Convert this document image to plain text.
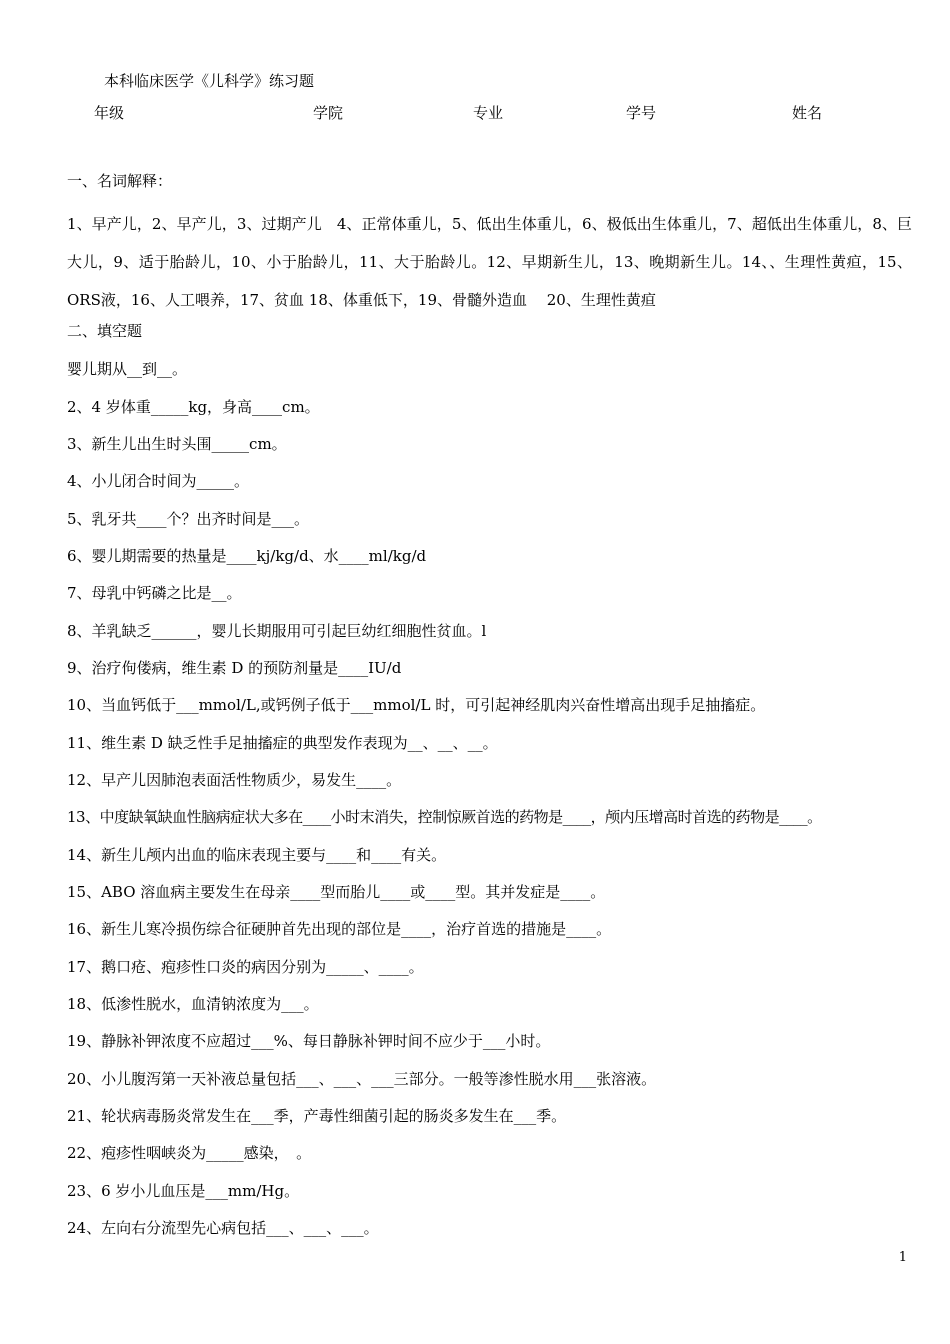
本科临床医学《儿科学》练习题
年级	学院	专业	学号	姓名
一、名词解释：
1、早产儿，2、早产儿，3、过期产儿　4、正常体重儿，5、低出生体重儿，6、极低出生体重儿，7、超低出生体重儿，8、巨大儿，9、适于胎龄儿，10、小于胎龄儿，11、大于胎龄儿。12、早期新生儿，13、晚期新生儿。14、、生理性黄疸，15、ORS液，16、人工喂养，17、贫血 18、体重低下，19、骨髓外造血　 20、生理性黄疸
二、填空题
婴儿期从__到__。
2、4 岁体重_____kg，身高____cm。
3、新生儿出生时头围_____cm。
4、小儿闭合时间为_____。
5、乳牙共____个？出齐时间是___。
6、婴儿期需要的热量是____kj/kg/d、水____ml/kg/d
7、母乳中钙磷之比是__。
8、羊乳缺乏______，婴儿长期服用可引起巨幼红细胞性贫血。l
9、治疗佝偻病，维生素 D 的预防剂量是____IU/d
10、当血钙低于___mmol/L,或钙例子低于___mmol/L 时，可引起神经肌肉兴奋性增高出现手足抽搐症。
11、维生素 D 缺乏性手足抽搐症的典型发作表现为__、__、__。
12、早产儿因肺泡表面活性物质少，易发生____。
13、中度缺氧缺血性脑病症状大多在____小时末消失，控制惊厥首选的药物是____，颅内压增高时首选的药物是____。
14、新生儿颅内出血的临床表现主要与____和____有关。
15、ABO 溶血病主要发生在母亲____型而胎儿____或____型。其并发症是____。
16、新生儿寒冷损伤综合征硬肿首先出现的部位是____，治疗首选的措施是____。
17、鹅口疮、疱疹性口炎的病因分别为_____、____。
18、低渗性脱水，血清钠浓度为___。
19、静脉补钾浓度不应超过___%、每日静脉补钾时间不应少于___小时。
20、小儿腹泻第一天补液总量包括___、___、___三部分。一般等渗性脱水用___张溶液。
21、轮状病毒肠炎常发生在___季，产毒性细菌引起的肠炎多发生在___季。
22、疱疹性咽峡炎为_____感染，　。
23、6 岁小儿血压是___mm/Hg。
24、左向右分流型先心病包括___、___、___。
1
